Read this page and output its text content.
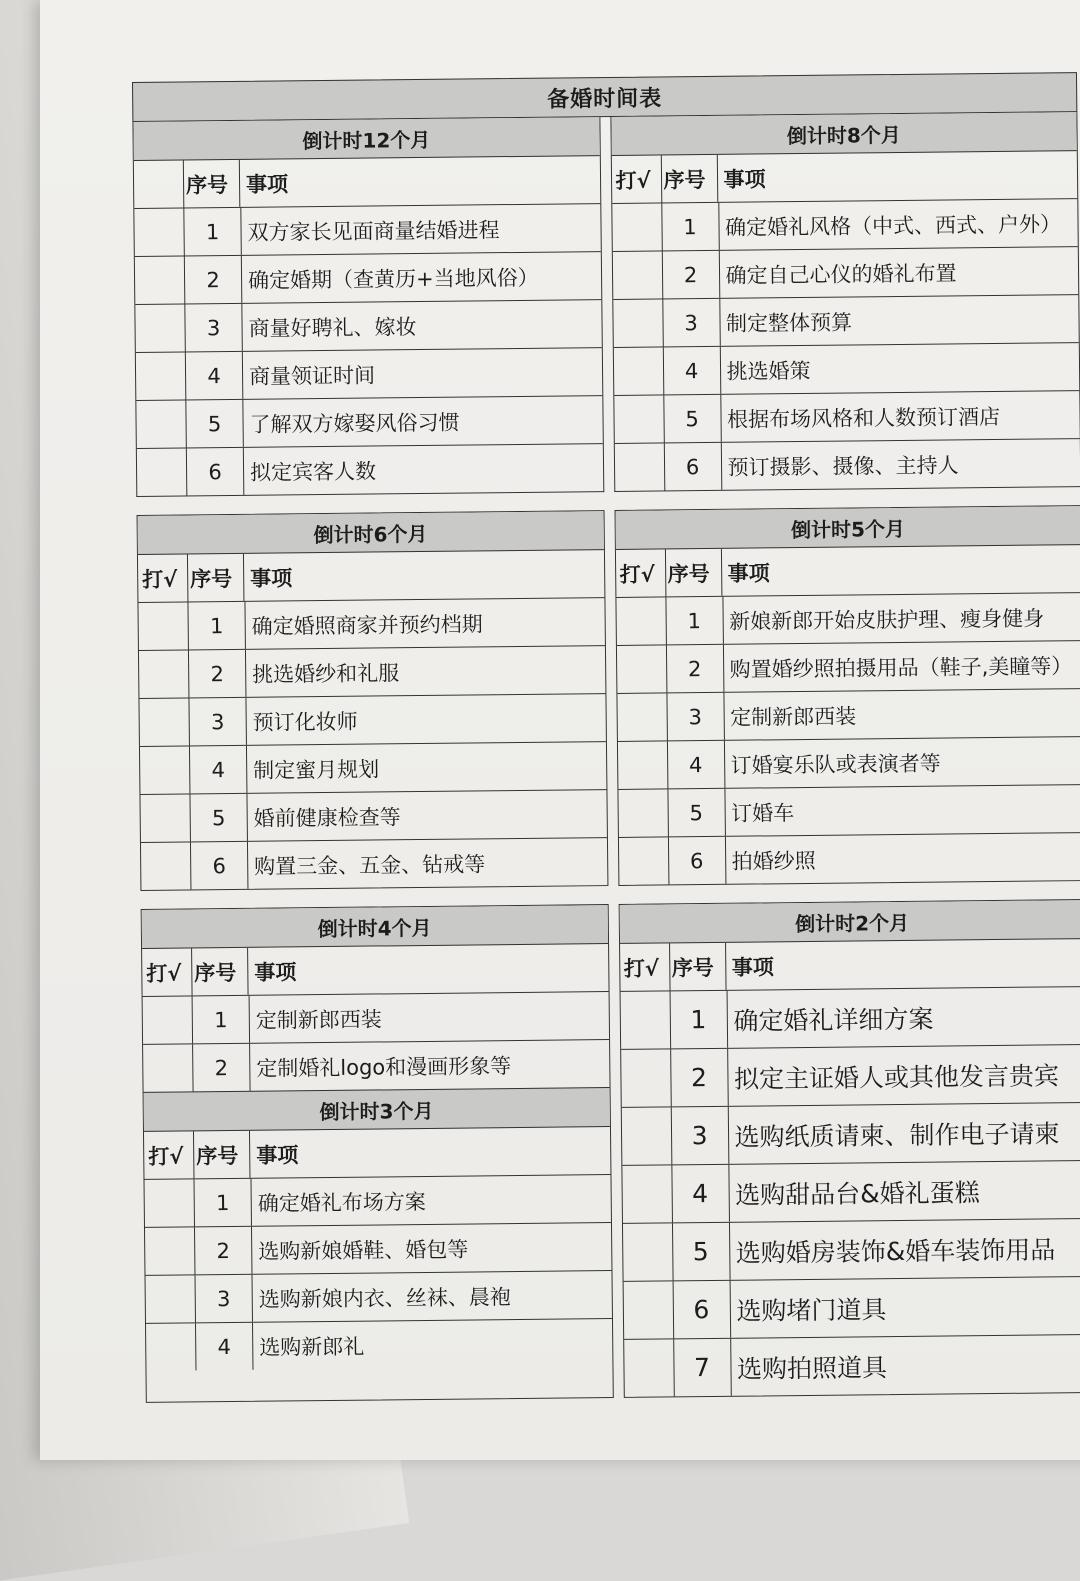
备婚时间表
倒计时12个月
序号 事项
1	双方家长见面商量结婚进程
2	确定婚期（查黄历+当地风俗）
3	商量好聘礼、嫁妆
4	商量领证时间
5	了解双方嫁娶风俗习惯
6	拟定宾客人数
倒计时8个月
打√ 序号 事项
1	确定婚礼风格（中式、西式、户外）
2	确定自己心仪的婚礼布置
3	制定整体预算
4	挑选婚策
5	根据布场风格和人数预订酒店
6	预订摄影、摄像、主持人
倒计时6个月
打√ 序号 事项
1	确定婚照商家并预约档期
2	挑选婚纱和礼服
3	预订化妆师
4	制定蜜月规划
5	婚前健康检查等
6	购置三金、五金、钻戒等
倒计时5个月
打√ 序号 事项
1	新娘新郎开始皮肤护理、瘦身健身
2	购置婚纱照拍摄用品（鞋子,美瞳等）
3	定制新郎西装
4	订婚宴乐队或表演者等
5	订婚车
6	拍婚纱照
倒计时4个月
打√ 序号 事项
1	定制新郎西装
2	定制婚礼logo和漫画形象等
倒计时3个月
打√ 序号 事项
1	确定婚礼布场方案
2	选购新娘婚鞋、婚包等
3	选购新娘内衣、丝袜、晨袍
4	选购新郎礼
倒计时2个月
打√ 序号 事项
1	确定婚礼详细方案
2	拟定主证婚人或其他发言贵宾
3	选购纸质请柬、制作电子请柬
4	选购甜品台&婚礼蛋糕
5	选购婚房装饰&婚车装饰用品
6	选购堵门道具
7	选购拍照道具
